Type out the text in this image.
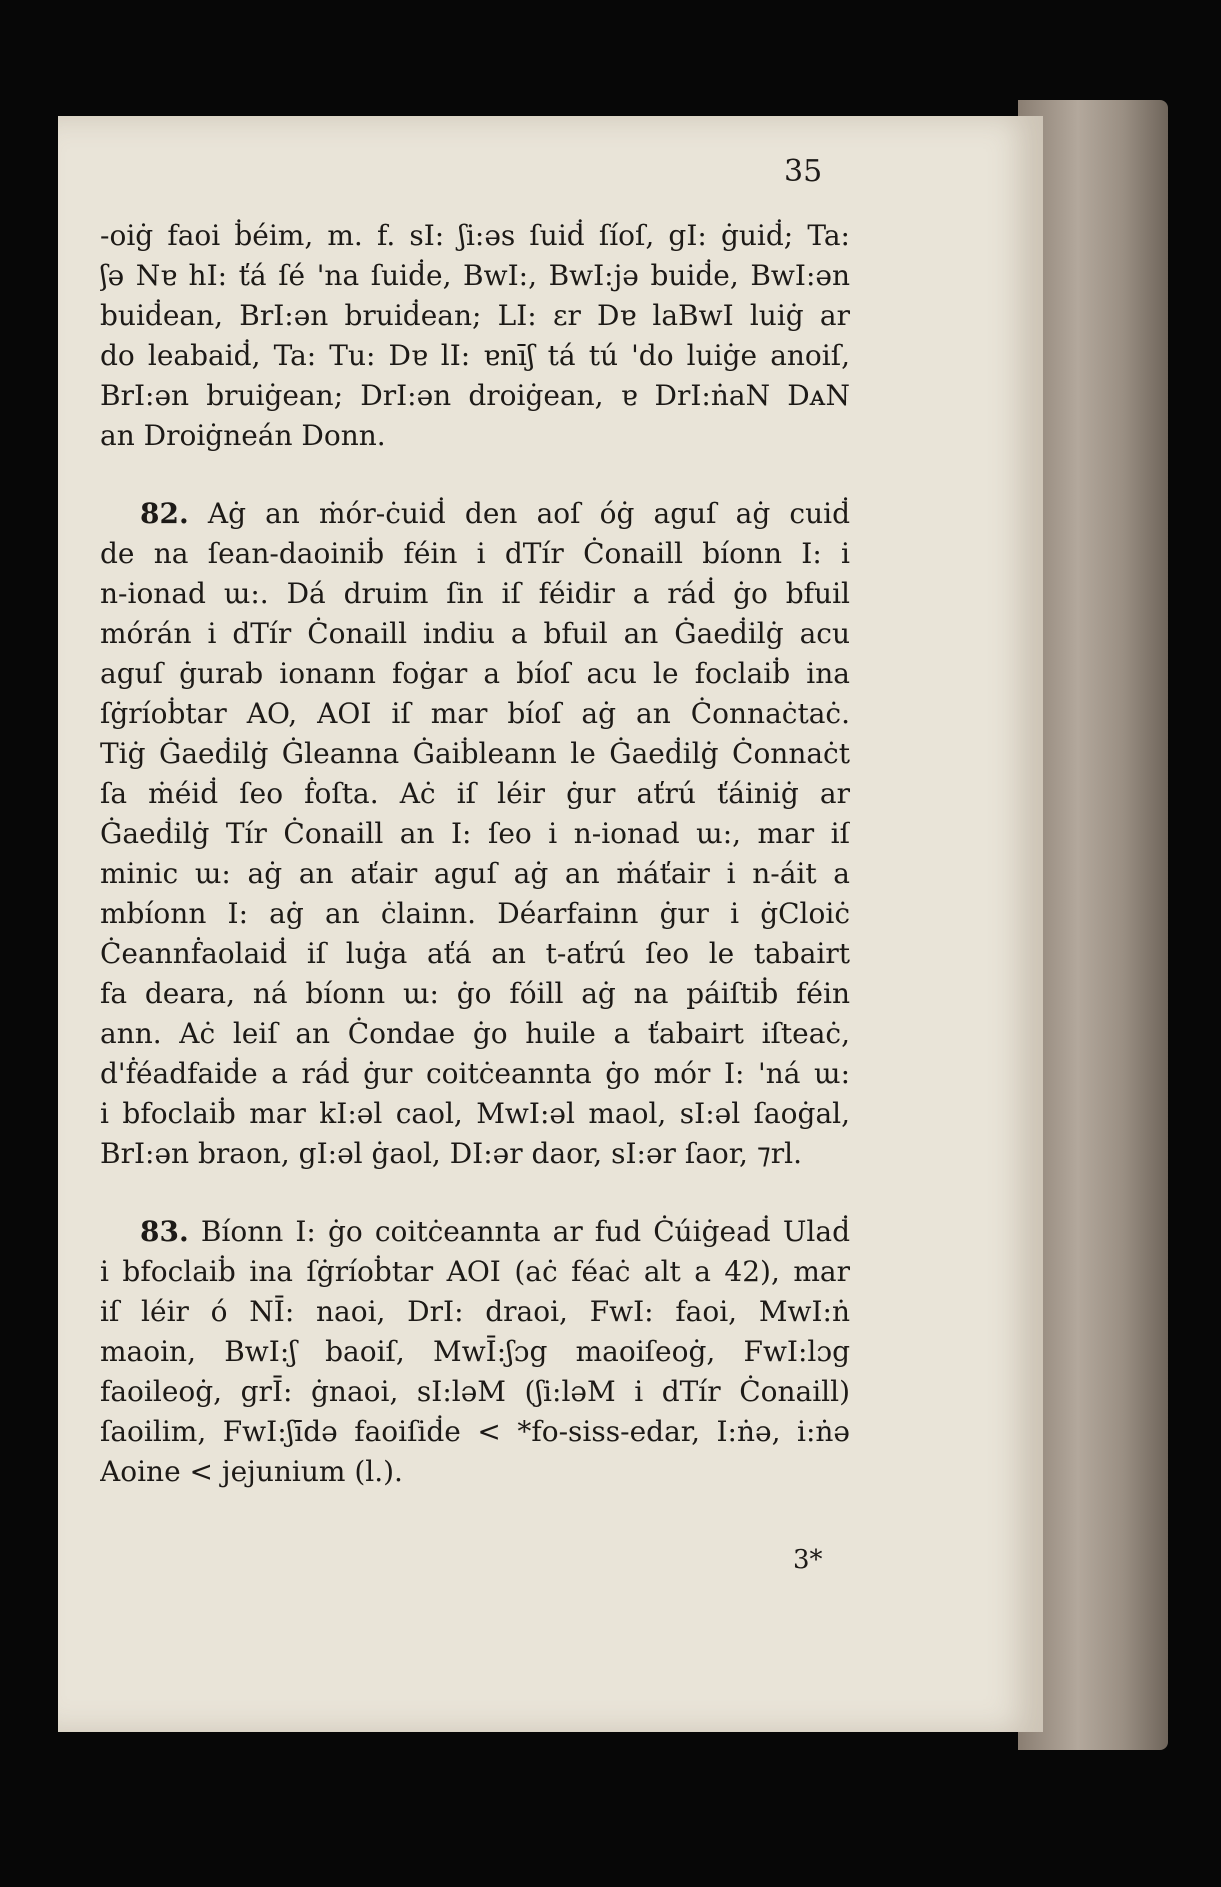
35
-oiġ faoi ḃéim, m. f. sI: ʃi:əs ſuiḋ ſíoſ, gI: ġuiḋ; Ta:
ʃə Nɐ hI: ťá ſé 'na ſuiḋe, BwI:, BwI:jə buiḋe, BwI:ən
buiḋean, BrI:ən bruiḋean; LI: ɛr Dɐ laBwI luiġ ar
do leabaiḋ, Ta: Tu: Dɐ lI: ɐnīʃ tá tú 'do luiġe anoiſ,
BrI:ən bruiġean; DrI:ən droiġean, ɐ DrI:ṅaN DᴀN
an Droiġneán Donn.
82. Aġ an ṁór-ċuiḋ den aoſ óġ aguſ aġ cuiḋ
de na ſean-daoiniḃ féin i dTír Ċonaill bíonn I: i
n-ionad ɯ:. Dá druim ſin iſ féidir a ráḋ ġo bfuil
mórán i dTír Ċonaill indiu a bfuil an Ġaeḋilġ acu
aguſ ġurab ionann foġar a bíoſ acu le foclaiḃ ina
ſġríoḃtar AO, AOI iſ mar bíoſ aġ an Ċonnaċtaċ.
Tiġ Ġaeḋilġ Ġleanna Ġaiḃleann le Ġaeḋilġ Ċonnaċt
ſa ṁéiḋ ſeo ḟoſta. Aċ iſ léir ġur aťrú ťáiniġ ar
Ġaeḋilġ Tír Ċonaill an I: ſeo i n-ionad ɯ:, mar iſ
minic ɯ: aġ an aťair aguſ aġ an ṁáťair i n-áit a
mbíonn I: aġ an ċlainn. Déarfainn ġur i ġCloiċ
Ċeannḟaolaiḋ iſ luġa aťá an t-aťrú ſeo le tabairt
fa deara, ná bíonn ɯ: ġo fóill aġ na páiſtiḃ féin
ann. Aċ leiſ an Ċondae ġo huile a ťabairt iſteaċ,
d'ḟéadfaiḋe a ráḋ ġur coitċeannta ġo mór I: 'ná ɯ:
i bfoclaiḃ mar kI:əl caol, MwI:əl maol, sI:əl ſaoġal,
BrI:ən braon, gI:əl ġaol, DI:ər daor, sI:ər ſaor, ⁊rl.
83. Bíonn I: ġo coitċeannta ar fud Ċúiġeaḋ Ulaḋ
i bfoclaiḃ ina ſġríoḃtar AOI (aċ féaċ alt a 42), mar
iſ léir ó NĪ: naoi, DrI: draoi, FwI: faoi, MwI:ṅ
maoin, BwI:ʃ baoiſ, MwĪ:ʃɔg maoiſeoġ, FwI:lɔg
faoileoġ, grĪ: ġnaoi, sI:lǝM (ʃi:lǝM i dTír Ċonaill)
ſaoilim, FwI:ʃīdə faoiſiḋe < *fo-siss-edar, I:ṅə, i:ṅə
Aoine < jejunium (l.).
3*
